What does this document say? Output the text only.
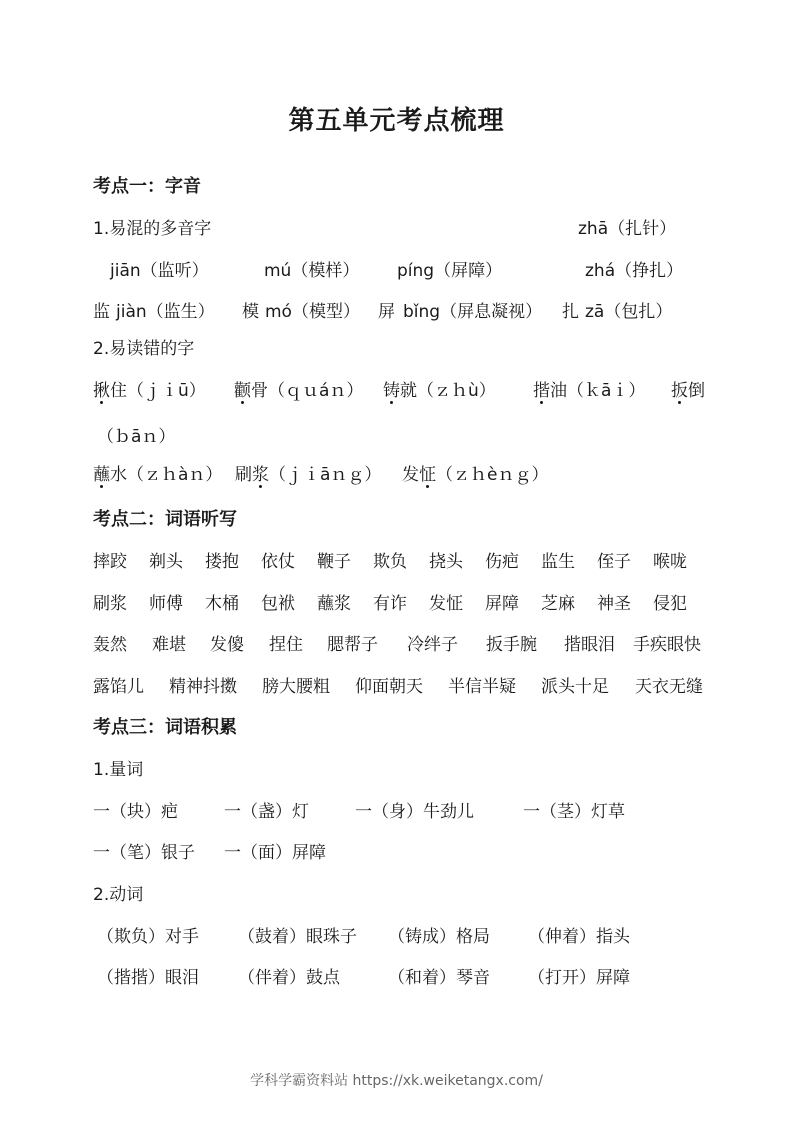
第五单元考点梳理
考点一：字音
1.易混的多音字	zhā（扎针）
jiān（监听）	mú（模样） píng（屏障）	zhá（挣扎）
监 jiàn（监生） 模 mó（模型） 屏 bǐng（屏息凝视） 扎 zā（包扎）
2.易读错的字
揪住（ｊｉū） 颧骨（ｑｕáｎ） 铸就（ｚｈù） 揩油（ｋāｉ） 扳倒
（ｂāｎ）
蘸水（ｚｈàｎ） 刷浆（ｊｉāｎｇ） 发怔（ｚｈèｎｇ）
考点二：词语听写
摔跤 剃头 搂抱 依仗 鞭子 欺负 挠头 伤疤 监生 侄子 喉咙
刷浆 师傅 木桶 包袱 蘸浆 有诈 发怔 屏障 芝麻 神圣 侵犯
轰然 难堪 发傻 捏住 腮帮子 冷绊子 扳手腕 揩眼泪 手疾眼快
露馅儿 精神抖擞 膀大腰粗 仰面朝天 半信半疑 派头十足 天衣无缝
考点三：词语积累
1.量词
一（块）疤	一（盏）灯	一（身）牛劲儿	一（茎）灯草
一（笔）银子 一（面）屏障
2.动词
（欺负）对手 （鼓着）眼珠子 （铸成）格局 （伸着）指头
（揩揩）眼泪 （伴着）鼓点	（和着）琴音 （打开）屏障
学科学霸资料站 https://xk.weiketangx.com/
